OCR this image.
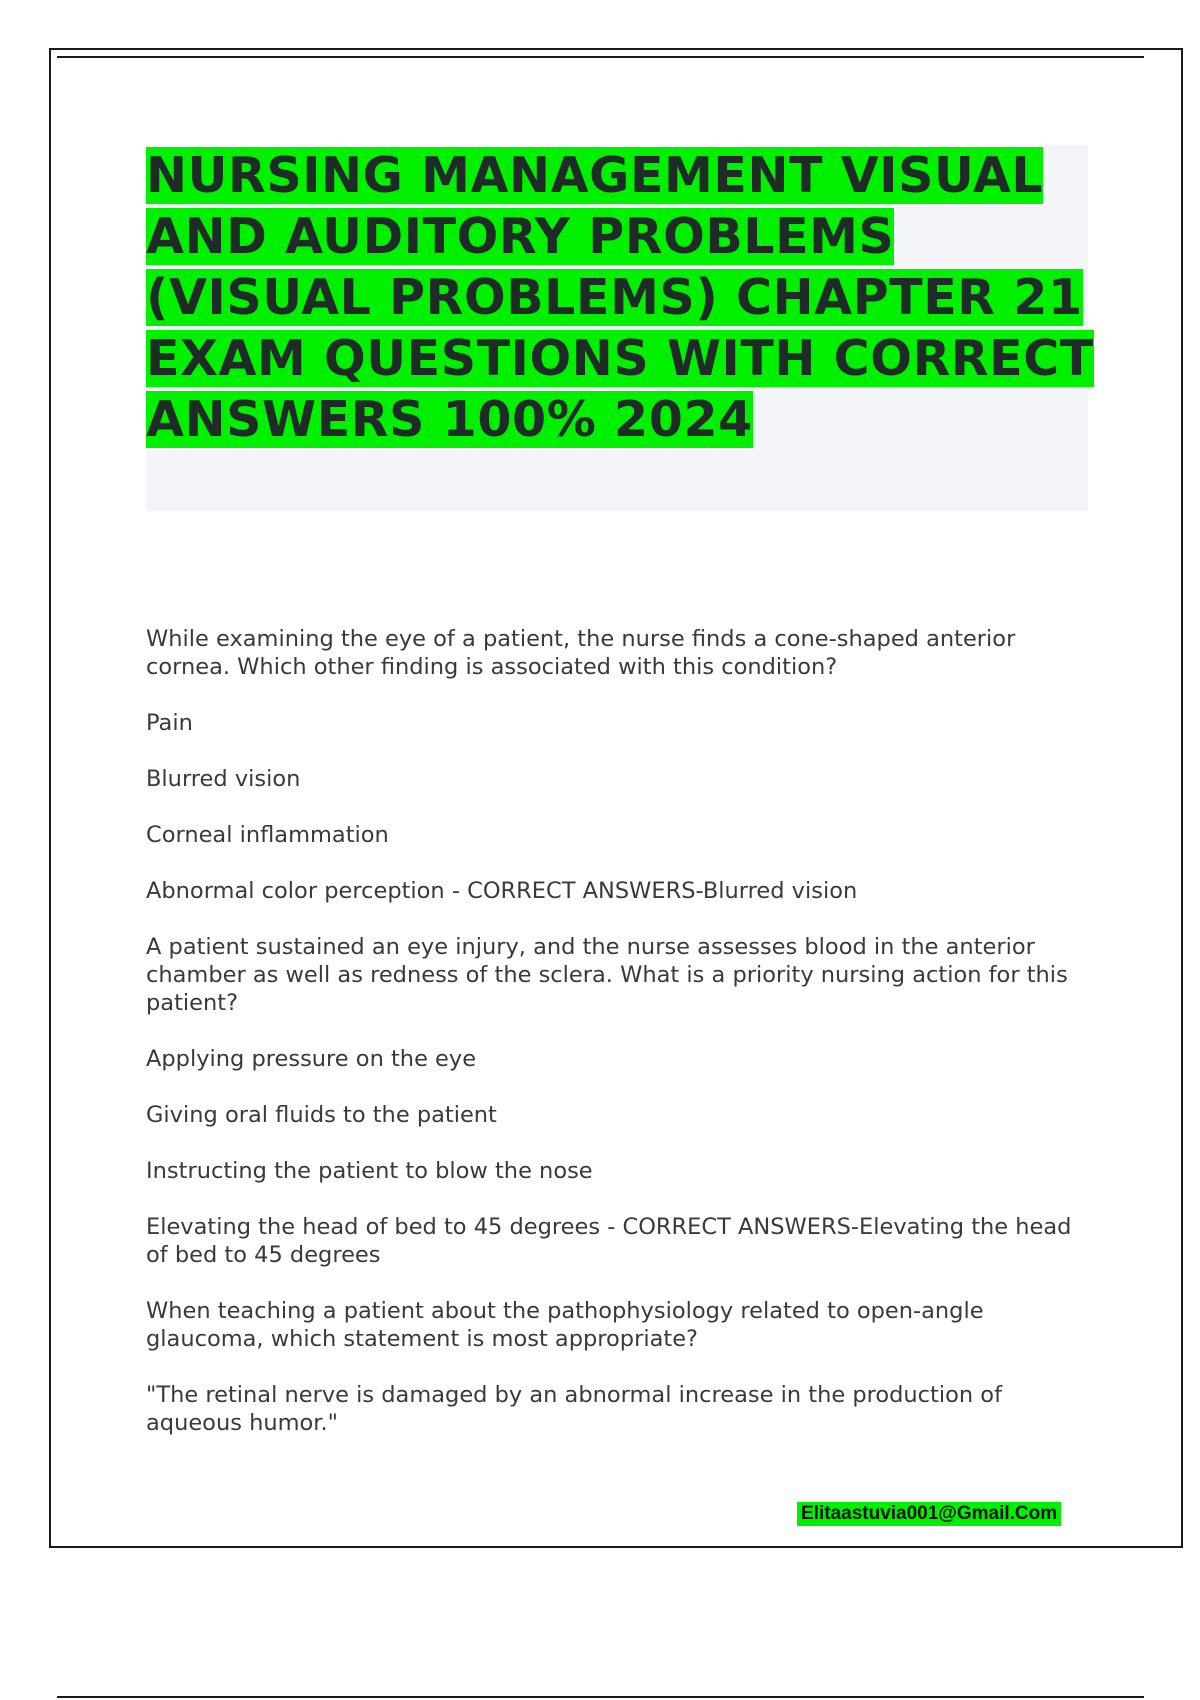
NURSING MANAGEMENT VISUAL AND AUDITORY PROBLEMS (VISUAL PROBLEMS) CHAPTER 21 EXAM QUESTIONS WITH CORRECT ANSWERS 100% 2024

While examining the eye of a patient, the nurse finds a cone-shaped anterior cornea. Which other finding is associated with this condition?

Pain

Blurred vision

Corneal inflammation

Abnormal color perception - CORRECT ANSWERS-Blurred vision

A patient sustained an eye injury, and the nurse assesses blood in the anterior chamber as well as redness of the sclera. What is a priority nursing action for this patient?

Applying pressure on the eye

Giving oral fluids to the patient

Instructing the patient to blow the nose

Elevating the head of bed to 45 degrees - CORRECT ANSWERS-Elevating the head of bed to 45 degrees

When teaching a patient about the pathophysiology related to open-angle glaucoma, which statement is most appropriate?

"The retinal nerve is damaged by an abnormal increase in the production of aqueous humor."

Elitaastuvia001@Gmail.Com
